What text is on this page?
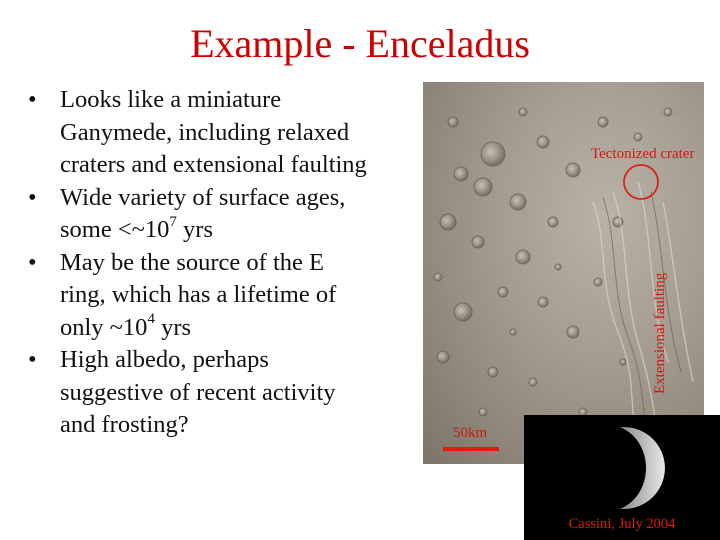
Example - Enceladus
• Looks like a miniature
Ganymede, including relaxed
craters and extensional faulting
• Wide variety of surface ages,
some $<\sim 10^7$ yrs
• May be the source of the E
ring, which has a lifetime of
only $\sim 10^4$ yrs
• High albedo, perhaps
suggestive of recent activity
and frosting?
Tectonized crater
Extensional faulting
50km
Cassini, July 2004
